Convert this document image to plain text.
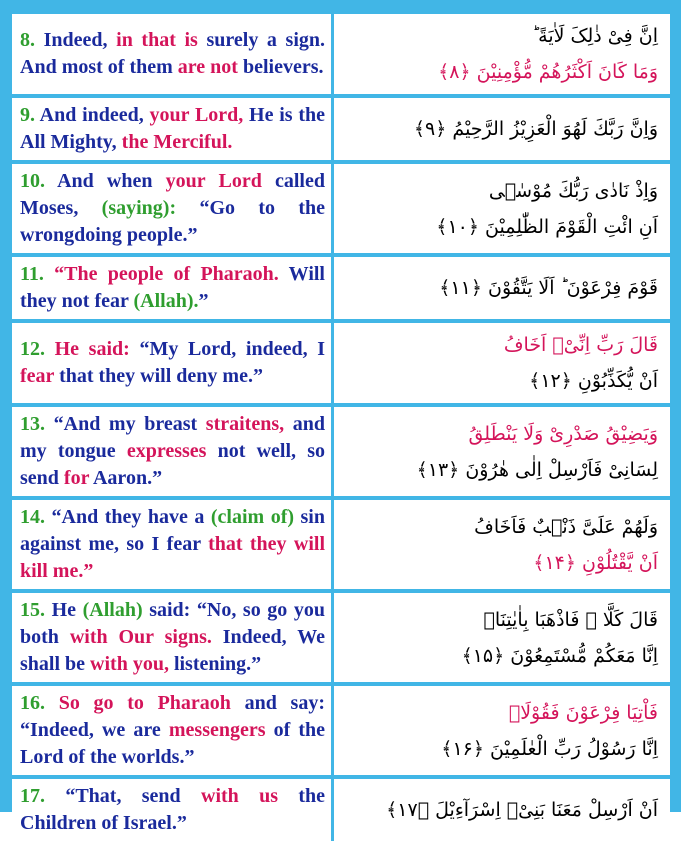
8. Indeed, in that is surely a sign. And most of them are not believers.	اِنَّ فِیْ ذٰلِکَ لَاٰیَةً ؕ
وَمَا كَانَ اَكْثَرُهُمْ مُّؤْمِنِیْنَ ﴿۸﴾

9. And indeed, your Lord, He is the All Mighty, the Merciful.	وَاِنَّ رَبَّكَ لَهُوَ الْعَزِیْزُ الرَّحِیْمُ ﴿۹﴾

10. And when your Lord called Moses, (saying): “Go to the wrongdoing people.”	وَاِذْ نَادٰی رَبُّكَ مُوْسٰۤی
اَنِ ائْتِ الْقَوْمَ الظّٰلِمِیْنَ ﴿۱۰﴾

11. “The people of Pharaoh. Will they not fear (Allah).”	قَوْمَ فِرْعَوْنَ ؕ اَلَا یَتَّقُوْنَ ﴿۱۱﴾

12. He said: “My Lord, indeed, I fear that they will deny me.”	قَالَ رَبِّ اِنِّیْۤ اَخَافُ
اَنْ یُّكَذِّبُوْنِ ﴿۱۲﴾

13. “And my breast straitens, and my tongue expresses not well, so send for Aaron.”	وَیَضِیْقُ صَدْرِیْ وَلَا یَنْطَلِقُ
لِسَانِیْ فَاَرْسِلْ اِلٰی هٰرُوْنَ ﴿۱۳﴾

14. “And they have a (claim of) sin against me, so I fear that they will kill me.”	وَلَهُمْ عَلَیَّ ذَنْۢبٌ فَاَخَافُ
اَنْ یَّقْتُلُوْنِ ﴿۱۴﴾

15. He (Allah) said: “No, so go you both with Our signs. Indeed, We shall be with you, listening.”	قَالَ كَلَّا ۚ فَاذْهَبَا بِاٰیٰتِنَاۤ
اِنَّا مَعَكُمْ مُّسْتَمِعُوْنَ ﴿۱۵﴾

16. So go to Pharaoh and say: “Indeed, we are messengers of the Lord of the worlds.”	فَاْتِیَا فِرْعَوْنَ فَقُوْلَاۤ
اِنَّا رَسُوْلُ رَبِّ الْعٰلَمِیْنَ ﴿۱۶﴾

17. “That, send with us the Children of Israel.”	اَنْ اَرْسِلْ مَعَنَا بَنِیْۤ اِسْرَآءِیْلَ ﴿۱۷﴾
